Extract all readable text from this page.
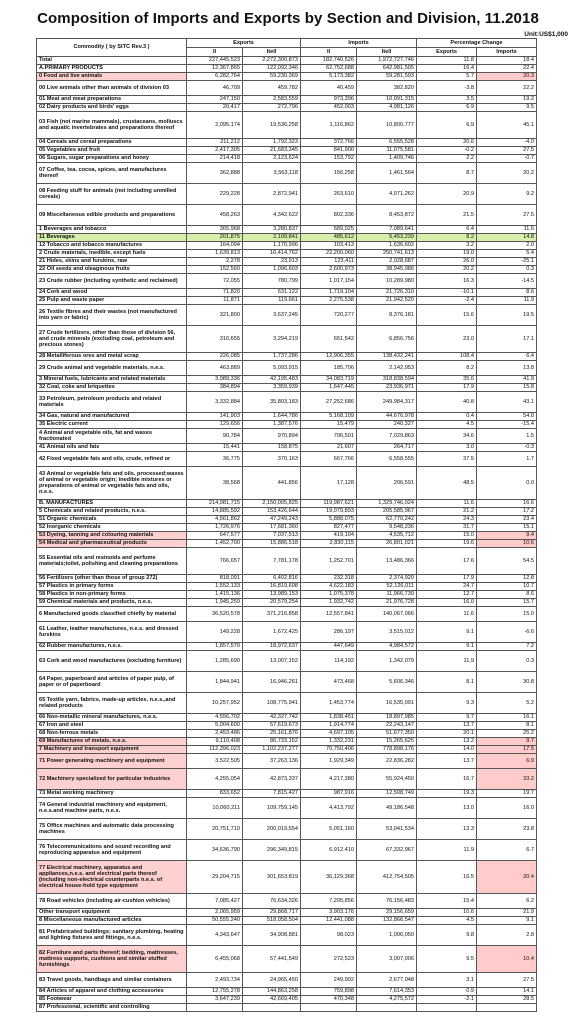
Composition of Imports and Exports by Section and Division, 11.2018
Unit:US$1,000
Commodity ( by SITC Rev.3 )	Exports		Imports		Percentage Change	
	II	Itell	II	Itell	Exports	Imports
Total	227,445,523	2,272,300,873	182,740,526	1,972,727,746	11.8	18.4
A.PRIMARY PRODUCTS	12,367,865	122,092,346	62,752,688	642,981,505	16.4	22.4
0 Food and live animals	6,282,764	59,230,369	5,173,382	59,281,593	5.7	20.3
00 Live animals other than animals of division 03	46,709	459,782	40,459	382,820	-3.8	22.2
01 Meat and meat preparations	247,150	2,583,559	973,396	10,091,315	3.5	19.2
02 Dairy products and birds' eggs	20,417	272,796	452,003	4,981,126	6.9	9.5
03 Fish (not marine mammals), crustaceans, molluscs and aquatic invertebrates and preparations thereof	2,095,174	19,536,258	1,116,862	10,800,777	6.9	45.1
04 Cereals and cereal preparations	211,212	1,792,323	372,766	6,555,528	20.6	-4.0
05 Vegetables and fruit	2,417,305	21,683,345	841,900	11,075,581	-0.2	27.5
06 Sugars, sugar preparations and honey	214,418	2,123,624	153,792	1,409,746	2.2	-0.7
07 Coffee, tea, cocoa, spices, and manufactures thereof	362,888	3,563,118	156,258	1,461,564	8.7	20.2
08 Feeding stuff for animals (not including unmilled cereals)	229,228	2,872,941	263,610	4,071,262	20.9	9.2
09 Miscellaneous edible products and preparations	458,263	4,342,622	802,336	8,453,872	21.5	27.5
1 Beverages and tobacco	365,968	3,280,837	589,025	7,089,641	6.4	11.6
11 Beverages	201,875	2,109,841	485,612	5,453,239	8.2	14.8
12 Tobacco and tobacco manufactures	164,094	1,170,996	103,413	1,636,602	3.2	2.0
2 Crude materials, inedible, except fuels	1,639,813	16,414,762	22,200,060	250,741,613	19.0	5.4
21 Hides, skins and furskins, raw	2,278	23,913	123,411	2,028,687	26.0	-25.1
22 Oil seeds and oleaginous fruits	152,560	1,096,603	2,600,973	38,945,986	20.2	0.3
23 Crude rubber (including synthetic and reclaimed)	72,055	780,799	1,017,154	10,289,980	16.3	-14.5
24 Cork and wood	71,820	631,122	1,719,104	21,726,310	-10.1	8.6
25 Pulp and waste paper	11,871	119,661	2,275,538	21,942,520	-2.4	11.9
26 Textile fibres and their wastes (not manufactured into yarn or fabric)	321,800	3,637,245	720,277	8,376,181	15.6	19.5
27 Crude fertilizers, other than those of division 56, and crude minerals (excluding coal, petroleum and precious stones)	316,655	3,294,219	651,542	6,856,756	23.0	17.1
28 Metalliferous ores and metal scrap	226,085	1,737,286	12,906,355	138,432,241	108.4	6.4
29 Crude animal and vegetable materials, n.e.s.	463,889	5,093,915	185,706	2,142,953	8.2	13.8
3 Mineral fuels, lubricants and related materials	3,989,336	42,195,483	34,083,719	318,838,594	35.6	41.9
32 Coal, coke and briquettes	384,894	3,359,939	1,647,445	23,936,971	17.9	15.8
33 Petroleum, petroleum products and related materials	3,332,884	35,803,183	27,252,686	249,984,317	40.8	43.1
34 Gas, natural and manufactured	141,903	1,644,786	5,168,109	44,676,978	0.4	54.0
35 Electric current	129,656	1,387,576	15,479	240,327	4.5	-15.4
4 Animal and vegetable oils, fat and waxes fractionated	90,784	970,894	706,501	7,029,863	34.6	1.5
41 Animal oils and fats	15,441	158,875	21,607	264,717	3.0	-0.3
42 Fixed vegetable fats and oils, crude, refined or	36,775	370,163	667,766	6,558,555	37.5	1.7
43 Animal or vegetable fats and oils, processed;waxes of animal or vegetable origin; inedible mixtures or preparations of animal or vegetable fats and oils, n.e.s.	38,568	441,856	17,128	206,591	48.5	0.0
B. MANUFACTURES	214,981,715	2,150,005,825	119,987,621	1,329,746,024	11.6	16.6
5 Chemicals and related products, n.e.s.	14,885,592	153,426,644	19,079,893	205,585,967	21.2	17.2
51 Organic chemicals	4,561,862	47,249,243	5,888,075	62,770,242	24.3	23.4
52 Inorganic chemicals	1,726,976	17,681,360	827,477	9,548,236	31.7	15.1
53 Dyeing, tanning and colouring materials	647,577	7,037,513	419,104	4,535,712	15.0	9.4
54 Medical and pharmaceutical products	1,452,700	15,886,518	2,830,115	26,801,021	19.6	10.6
55 Essential oils and resinoids and perfume materials;toilet, polishing and cleaning preparations	766,657	7,781,178	1,252,701	13,486,366	17.6	54.5
56 Fertilizers (other than those of group 272)	818,091	6,402,816	232,318	2,374,920	17.9	12.8
57 Plastics in primary forms	1,552,133	16,819,608	4,622,183	52,126,011	24.7	10.7
58 Plastics in non-primary forms	1,415,136	13,989,153	1,075,378	11,966,730	12.7	8.6
59 Chemical materials and products, n.e.s.	1,945,259	20,579,254	1,932,742	21,976,728	16.0	15.7
6 Manufactured goods classified chiefly by material	36,520,578	371,216,858	12,557,841	140,067,066	11.6	15.0
61 Leather, leather manufactures, n.e.s. and dressed furskins	149,228	1,672,425	286,197	3,515,012	9.1	-6.6
62 Rubber manufactures, n.e.s.	1,857,570	18,972,637	447,649	4,984,572	9.1	7.2
63 Cork and wood manufactures (excluding furniture)	1,285,690	13,007,152	114,192	1,342,079	11.9	0.3
64 Paper, paperboard and articles of paper pulp, of paper or of paperboard	1,844,941	16,946,261	473,468	5,606,346	8.1	30.8
65 Textile yarn, fabrics, made-up articles, n.e.s.,and related products	10,257,952	108,775,941	1,453,774	16,535,091	9.3	5.2
66 Non-metallic mineral manufactures, n.e.s.	4,556,702	42,327,742	1,838,451	18,897,985	9.7	16.1
67 Iron and steel	5,004,600	57,619,673	1,914,774	22,243,147	13.7	8.1
68 Non-ferrous metals	2,453,486	25,161,876	4,697,105	51,677,350	20.1	25.2
69 Manufactures of metals, n.e.s.	9,110,408	86,733,152	1,332,231	15,265,625	13.2	9.7
7 Machinery and transport equipment	112,396,023	1,102,237,277	70,750,406	778,898,176	14.0	17.5
71 Power generating machinery and equipment	3,522,505	37,263,136	1,929,349	22,836,282	13.7	6.9
72 Machinery specialized for particular industries	4,255,054	42,873,337	4,217,380	55,924,450	16.7	33.2
73 Metal working machinery	833,652	7,815,427	987,916	12,508,749	19.3	19.7
74 General industrial machinery and equipment, n.e.s.and machine parts, n.e.s.	10,060,211	109,759,145	4,413,792	49,186,548	13.0	16.0
75 Office machines and automatic data processing machines	20,751,710	200,019,554	5,051,160	53,041,534	13.3	23.8
76 Telecommunications and sound recording and reproducing apparatus and equipment	34,636,790	296,349,815	6,912,410	67,332,967	11.9	6.7
77 Electrical machinery, apparatus and appliances,n.e.s. and electrical parts thereof (including non-electrical counterparts n.e.s. of electrical house-hold type equipment	29,204,715	301,653,819	36,129,368	412,754,505	16.5	20.4
78 Road vehicles (including air-cushion vehicles)	7,085,427	76,634,326	7,205,856	76,156,483	15.4	6.2
Other transport equipment	2,065,959	29,868,717	3,903,176	29,156,659	10.6	21.9
8 Miscellaneous manufactured articles	50,555,240	518,058,504	12,441,088	132,866,547	4.5	9.1
81 Prefabricated buildings; sanitary plumbing, heating and lighting fixtures and fittings, n.e.s.	4,343,647	34,908,881	98,023	1,006,050	9.8	2.8
82 Furniture and parts thereof; bedding, mattresses, mattress supports, cushions and similar stuffed furnishings	6,455,068	57,441,549	272,523	3,007,006	9.5	10.4
83 Travel goods, handbags and similar containers	2,493,734	24,965,450	249,902	2,677,048	3.1	27.5
84 Articles of apparel and clothing accessories	12,755,278	144,863,258	759,898	7,614,353	0.9	14.1
85 Footwear	3,647,239	42,669,405	470,348	4,275,572	-2.1	28.5
87 Professional, scientific and controlling						
